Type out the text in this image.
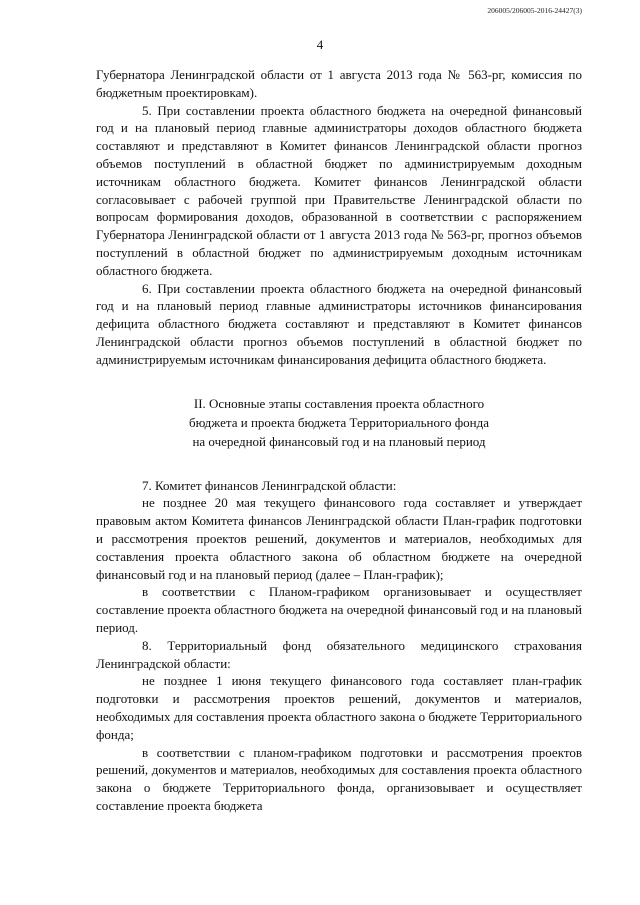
206005/206005-2016-24427(3)
4

Губернатора Ленинградской области от 1 августа 2013 года № 563-рг, комиссия по бюджетным проектировкам).

5. При составлении проекта областного бюджета на очередной финансовый год и на плановый период главные администраторы доходов областного бюджета составляют и представляют в Комитет финансов Ленинградской области прогноз объемов поступлений в областной бюджет по администрируемым доходным источникам областного бюджета. Комитет финансов Ленинградской области согласовывает с рабочей группой при Правительстве Ленинградской области по вопросам формирования доходов, образованной в соответствии с распоряжением Губернатора Ленинградской области от 1 августа 2013 года № 563-рг, прогноз объемов поступлений в областной бюджет по администрируемым доходным источникам областного бюджета.

6. При составлении проекта областного бюджета на очередной финансовый год и на плановый период главные администраторы источников финансирования дефицита областного бюджета составляют и представляют в Комитет финансов Ленинградской области прогноз объемов поступлений в областной бюджет по администрируемым источникам финансирования дефицита областного бюджета.

II. Основные этапы составления проекта областного
бюджета и проекта бюджета Территориального фонда
на очередной финансовый год и на плановый период

7. Комитет финансов Ленинградской области:

не позднее 20 мая текущего финансового года составляет и утверждает правовым актом Комитета финансов Ленинградской области План-график подготовки и рассмотрения проектов решений, документов и материалов, необходимых для составления проекта областного закона об областном бюджете на очередной финансовый год и на плановый период (далее – План-график);

в соответствии с Планом-графиком организовывает и осуществляет составление проекта областного бюджета на очередной финансовый год и на плановый период.

8. Территориальный фонд обязательного медицинского страхования Ленинградской области:

не позднее 1 июня текущего финансового года составляет план-график подготовки и рассмотрения проектов решений, документов и материалов, необходимых для составления проекта областного закона о бюджете Территориального фонда;

в соответствии с планом-графиком подготовки и рассмотрения проектов решений, документов и материалов, необходимых для составления проекта областного закона о бюджете Территориального фонда, организовывает и осуществляет составление проекта бюджета
